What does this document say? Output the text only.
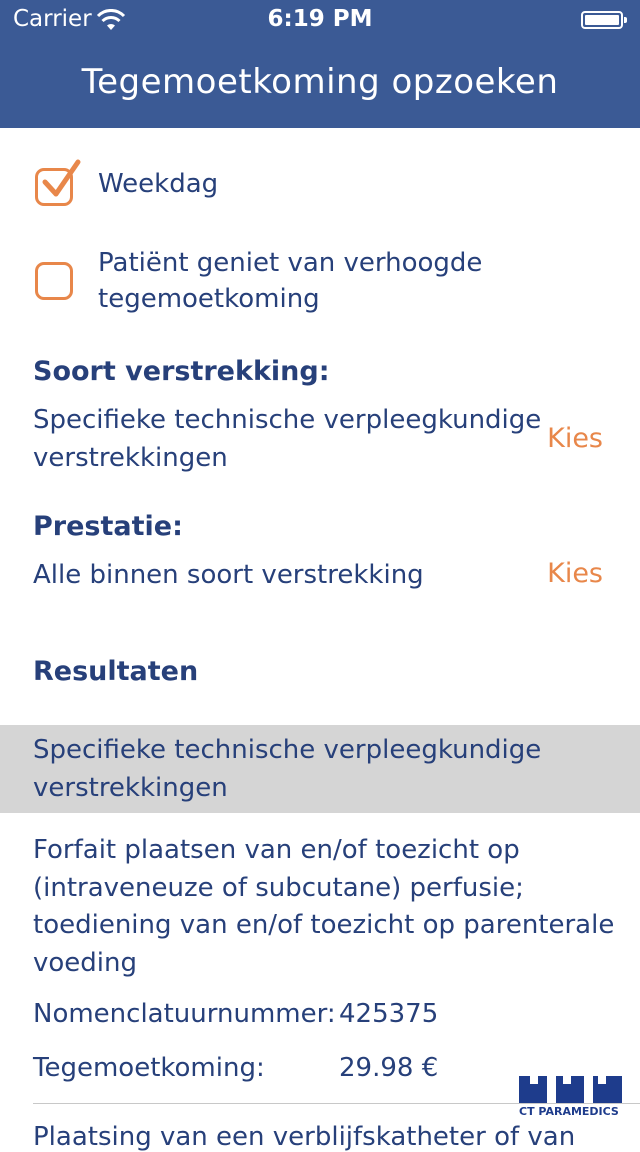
Carrier	6:19 PM
Tegemoetkoming opzoeken
Weekdag
Patiënt geniet van verhoogde
tegemoetkoming
Soort verstrekking:
Specifieke technische verpleegkundige
verstrekkingen
Kies
Prestatie:
Alle binnen soort verstrekking	Kies
Resultaten
Specifieke technische verpleegkundige
verstrekkingen
Forfait plaatsen van en/of toezicht op
(intraveneuze of subcutane) perfusie;
toediening van en/of toezicht op parenterale
voeding
Nomenclatuurnummer: 425375
Tegemoetkoming:	29.98 €
Plaatsing van een verblijfskatheter of van
CT PARAMEDICS
